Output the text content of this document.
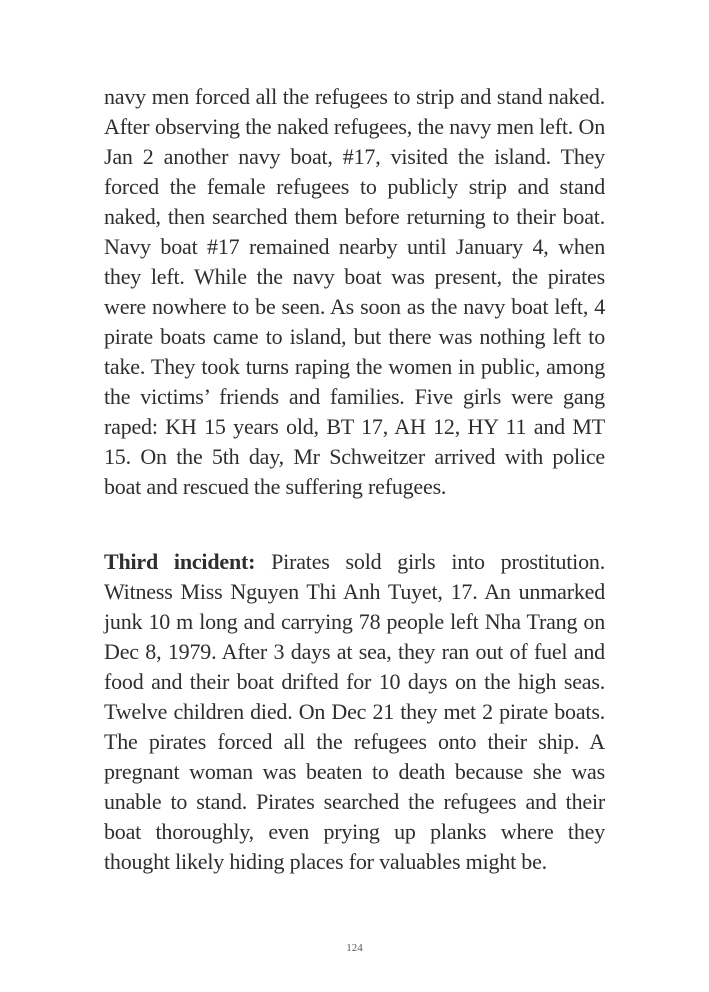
navy men forced all the refugees to strip and stand naked. After observing the naked refugees, the navy men left. On Jan 2 another navy boat, #17, visited the island. They forced the female refugees to publicly strip and stand naked, then searched them before returning to their boat. Navy boat #17 remained nearby until January 4, when they left. While the navy boat was present, the pirates were nowhere to be seen. As soon as the navy boat left, 4 pirate boats came to island, but there was nothing left to take. They took turns raping the women in public, among the victims’ friends and families. Five girls were gang raped: KH 15 years old, BT 17, AH 12, HY 11 and MT 15. On the 5th day, Mr Schweitzer arrived with police boat and rescued the suffering refugees.

Third incident: Pirates sold girls into prostitution. Witness Miss Nguyen Thi Anh Tuyet, 17. An unmarked junk 10 m long and carrying 78 people left Nha Trang on Dec 8, 1979. After 3 days at sea, they ran out of fuel and food and their boat drifted for 10 days on the high seas. Twelve children died. On Dec 21 they met 2 pirate boats. The pirates forced all the refugees onto their ship. A pregnant woman was beaten to death because she was unable to stand. Pirates searched the refugees and their boat thoroughly, even prying up planks where they thought likely hiding places for valuables might be.

124
